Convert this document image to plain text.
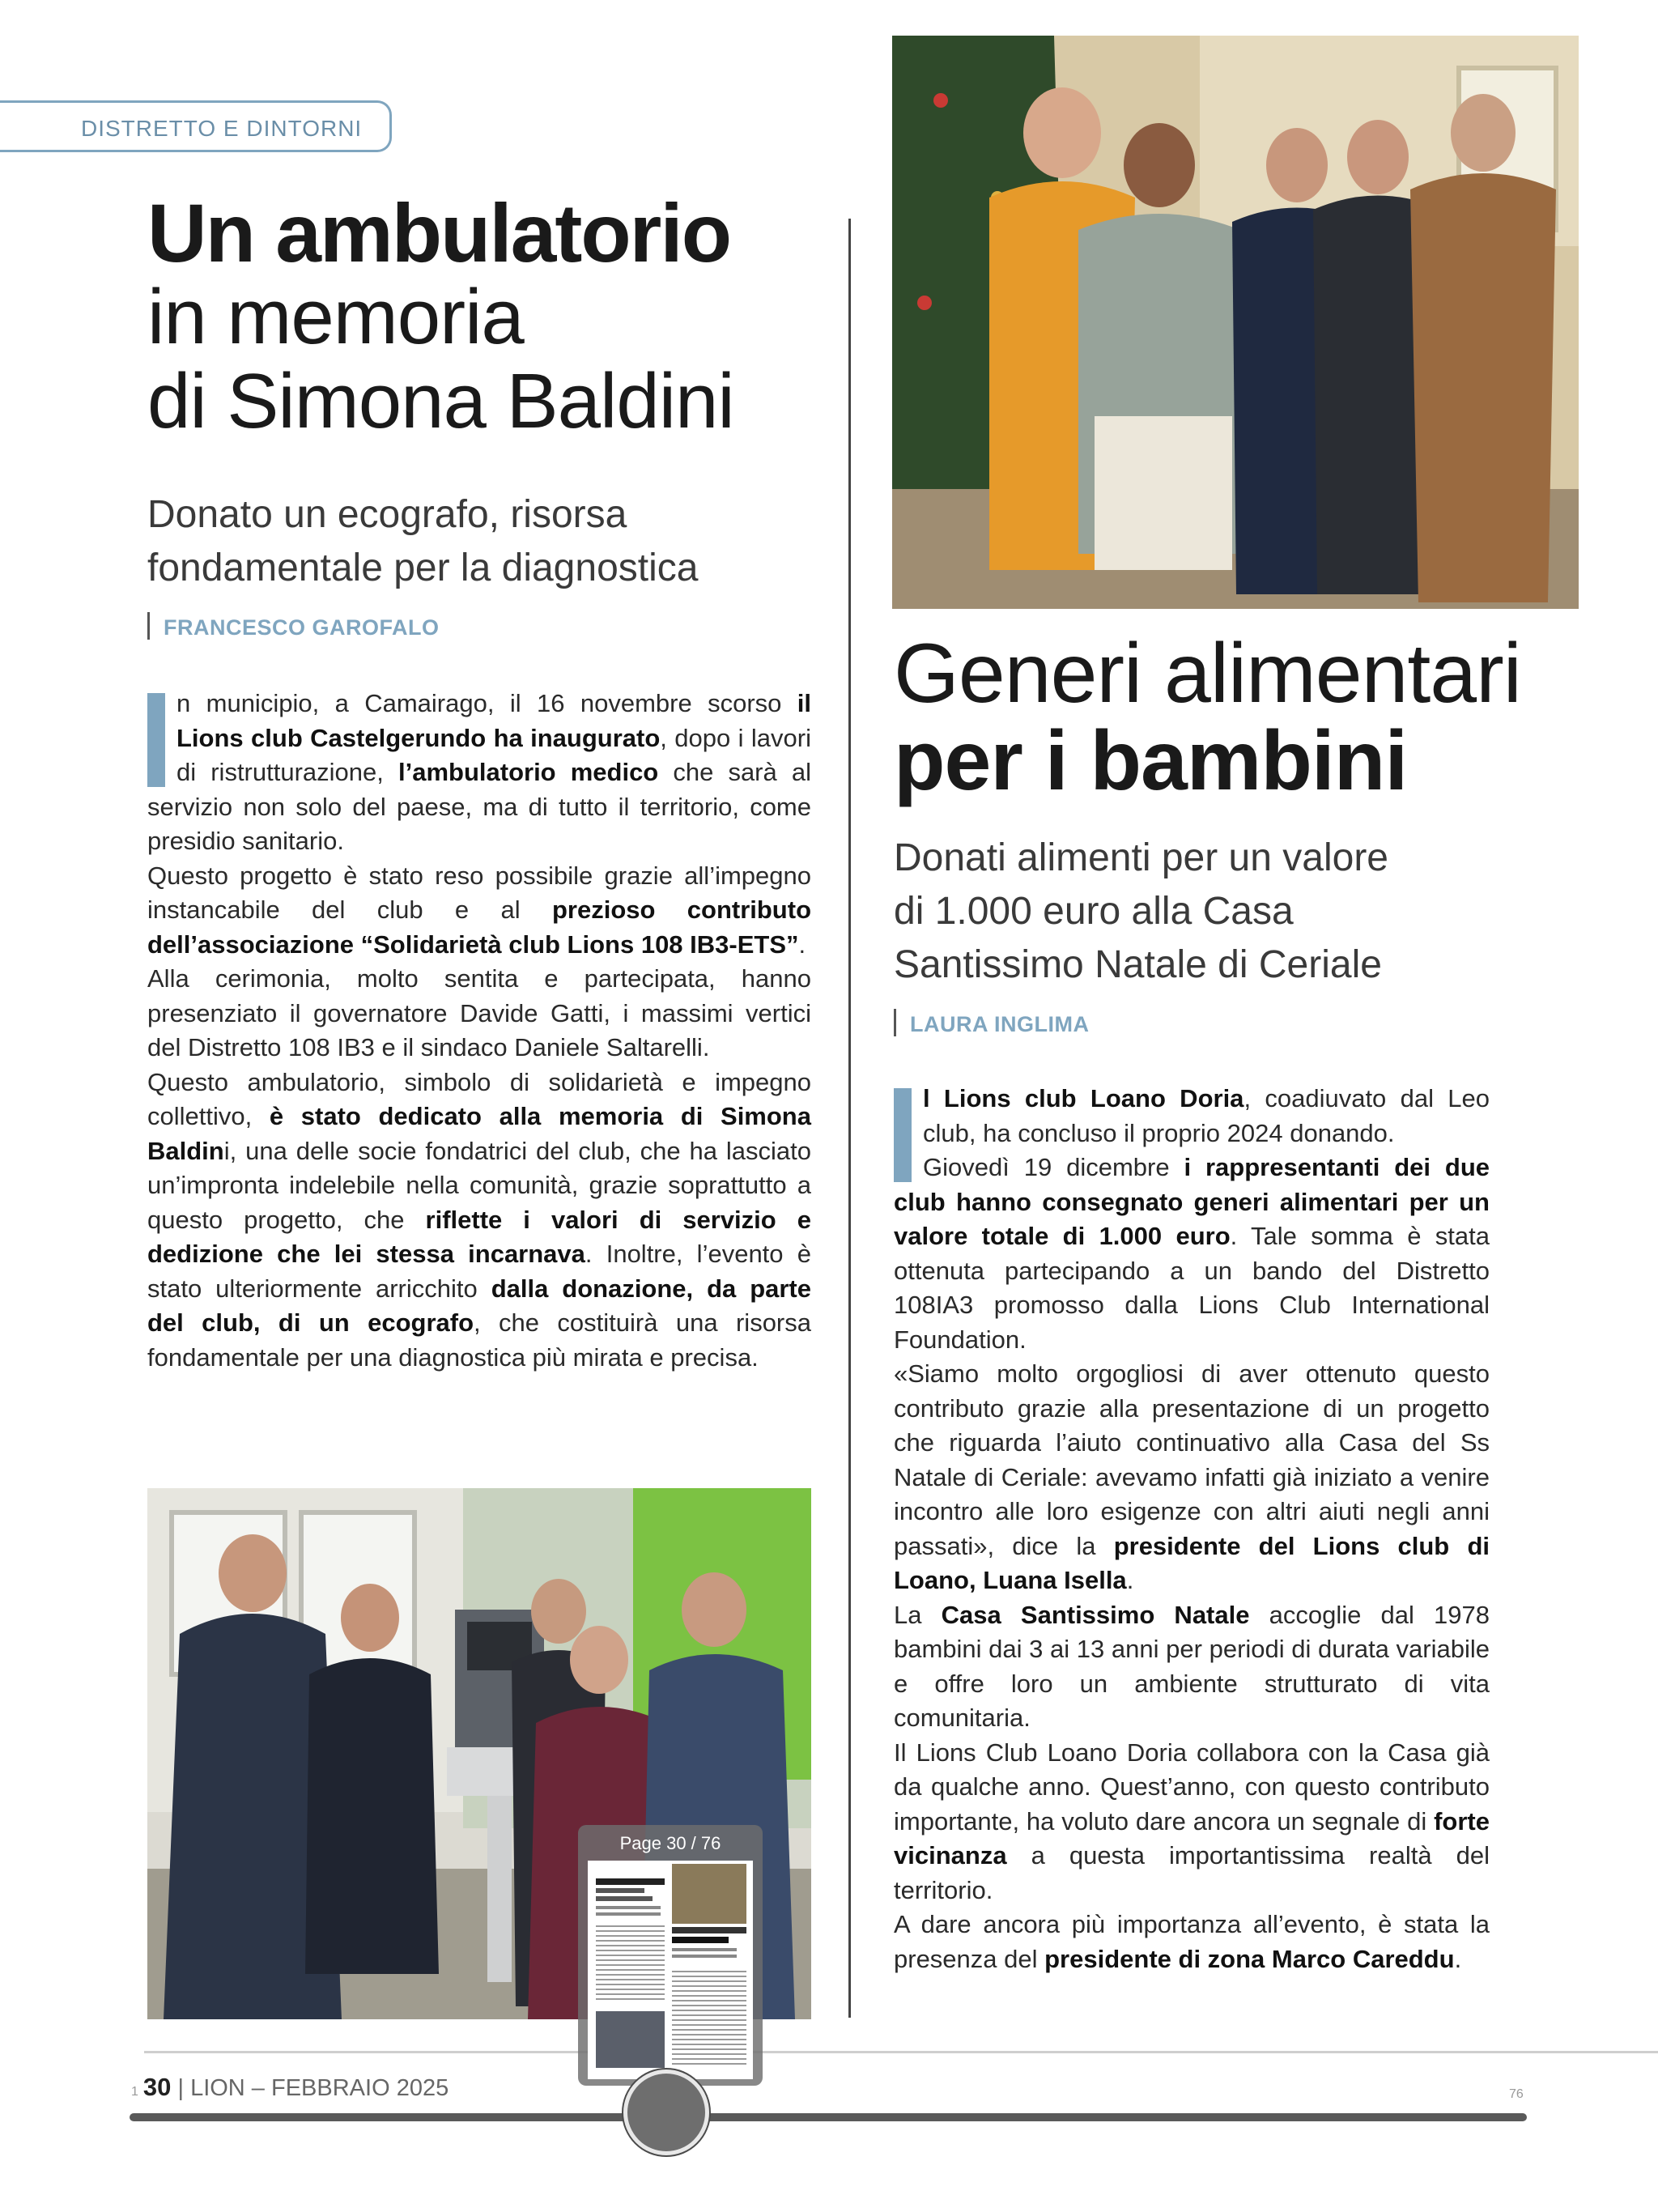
DISTRETTO E DINTORNI
Un ambulatorio
in memoria
di Simona Baldini
Donato un ecografo, risorsa
fondamentale per la diagnostica
FRANCESCO GAROFALO

n municipio, a Camairago, il 16 novembre scorso il Lions club Castelgerundo ha inaugurato, dopo i lavori di ristrutturazione, l’ambulatorio medico che sarà al servizio non solo del paese, ma di tutto il territorio, come presidio sanitario.

Questo progetto è stato reso possibile grazie all’impegno instancabile del club e al prezioso contributo dell’associazione “Solidarietà club Lions 108 IB3-ETS”.

Alla cerimonia, molto sentita e partecipata, hanno presenziato il governatore Davide Gatti, i massimi vertici del Distretto 108 IB3 e il sindaco Daniele Saltarelli.

Questo ambulatorio, simbolo di solidarietà e impegno collettivo, è stato dedicato alla memoria di Simona Baldini, una delle socie fondatrici del club, che ha lasciato un’impronta indelebile nella comunità, grazie soprattutto a questo progetto, che riflette i valori di servizio e dedizione che lei stessa incarnava. Inoltre, l’evento è stato ulteriormente arricchito dalla donazione, da parte del club, di un ecografo, che costituirà una risorsa fondamentale per una diagnostica più mirata e precisa.

Generi alimentari
per i bambini
Donati alimenti per un valore
di 1.000 euro alla Casa
Santissimo Natale di Ceriale
LAURA INGLIMA

l Lions club Loano Doria, coadiuvato dal Leo club, ha concluso il proprio 2024 donando.

Giovedì 19 dicembre i rappresentanti dei due club hanno consegnato generi alimentari per un valore totale di 1.000 euro. Tale somma è stata ottenuta partecipando a un bando del Distretto 108IA3 promosso dalla Lions Club International Foundation.

«Siamo molto orgogliosi di aver ottenuto questo contributo grazie alla presentazione di un progetto che riguarda l’aiuto continuativo alla Casa del Ss Natale di Ceriale: avevamo infatti già iniziato a venire incontro alle loro esigenze con altri aiuti negli anni passati», dice la presidente del Lions club di Loano, Luana Isella.

La Casa Santissimo Natale accoglie dal 1978 bambini dai 3 ai 13 anni per periodi di durata variabile e offre loro un ambiente strutturato di vita comunitaria.

Il Lions Club Loano Doria collabora con la Casa già da qualche anno. Quest’anno, con questo contributo importante, ha voluto dare ancora un segnale di forte vicinanza a questa importantissima realtà del territorio.

A dare ancora più importanza all’evento, è stata la presenza del presidente di zona Marco Careddu.

1 30 | LION – FEBBRAIO 2025	76
Page 30 / 76
